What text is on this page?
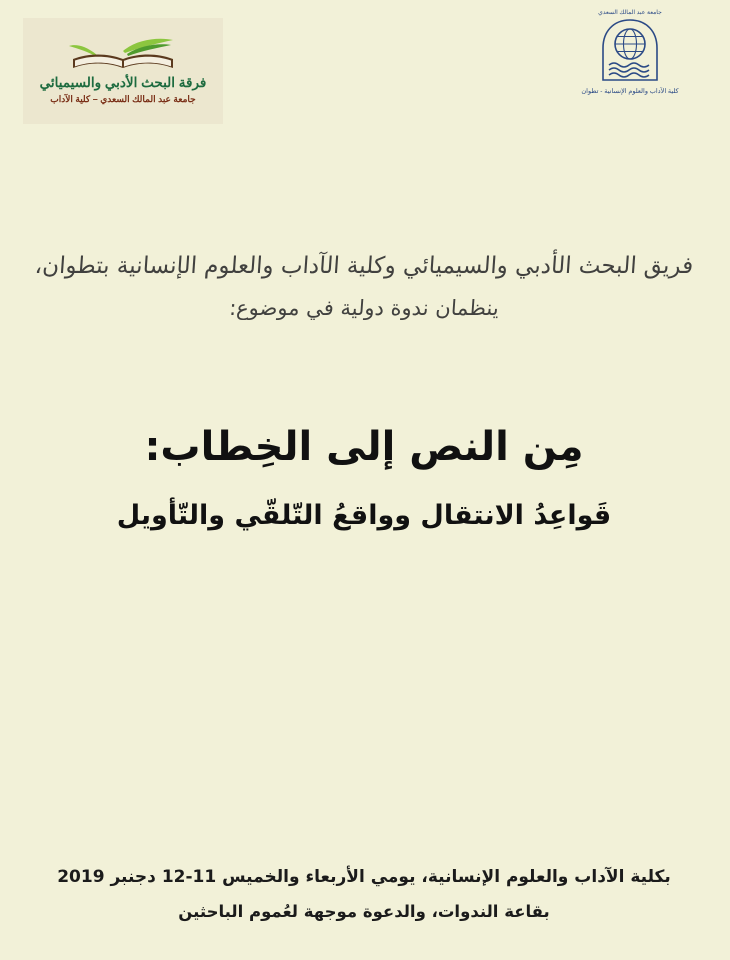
فرقة البحث الأدبي والسيميائي
جامعة عبد المالك السعدي – كلية الآداب
جامعة عبد المالك السعدي
كلية الآداب والعلوم الإنسانية - تطوان
فريق البحث الأدبي والسيميائي وكلية الآداب والعلوم الإنسانية بتطوان،
ينظمان ندوة دولية في موضوع:
مِن النص إلى الخِطاب:
قَواعِدُ الانتقال وواقعُ التّلقّي والتّأويل
بكلية الآداب والعلوم الإنسانية، يومي الأربعاء والخميس 11-12 دجنبر 2019
بقاعة الندوات، والدعوة موجهة لعُموم الباحثين
